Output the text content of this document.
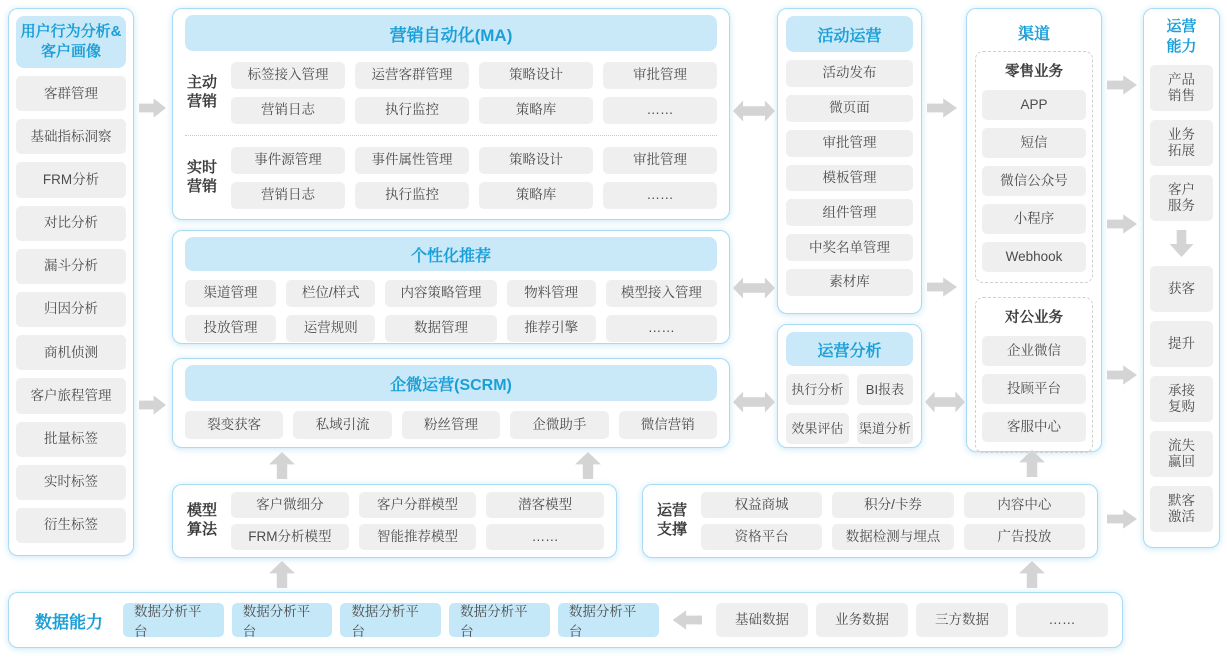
用户行为分析&客户画像
客群管理
基础指标洞察
FRM分析
对比分析
漏斗分析
归因分析
商机侦测
客户旅程管理
批量标签
实时标签
衍生标签
营销自动化(MA)
主动营销
标签接入管理	运营客群管理	策略设计	审批管理
营销日志	执行监控	策略库	……
实时营销
事件源管理	事件属性管理	策略设计	审批管理
营销日志	执行监控	策略库	……
个性化推荐
渠道管理	栏位/样式	内容策略管理	物料管理	模型接入管理
投放管理	运营规则	数据管理	推荐引擎	……
企微运营(SCRM)
裂变获客	私域引流	粉丝管理	企微助手	微信营销
模型算法
客户微细分	客户分群模型	潜客模型
FRM分析模型	智能推荐模型	……
运营支撑
权益商城	积分/卡券	内容中心
资格平台	数据检测与埋点	广告投放
活动运营
活动发布
微页面
审批管理
模板管理
组件管理
中奖名单管理
素材库
运营分析
执行分析	BI报表
效果评估	渠道分析
渠道
零售业务
APP
短信
微信公众号
小程序
Webhook
对公业务
企业微信
投顾平台
客服中心
运营能力
产品销售
业务拓展
客户服务
获客
提升
承接复购
流失赢回
默客激活
数据能力
数据分析平台
数据分析平台
数据分析平台
数据分析平台
数据分析平台
基础数据	业务数据	三方数据	……
